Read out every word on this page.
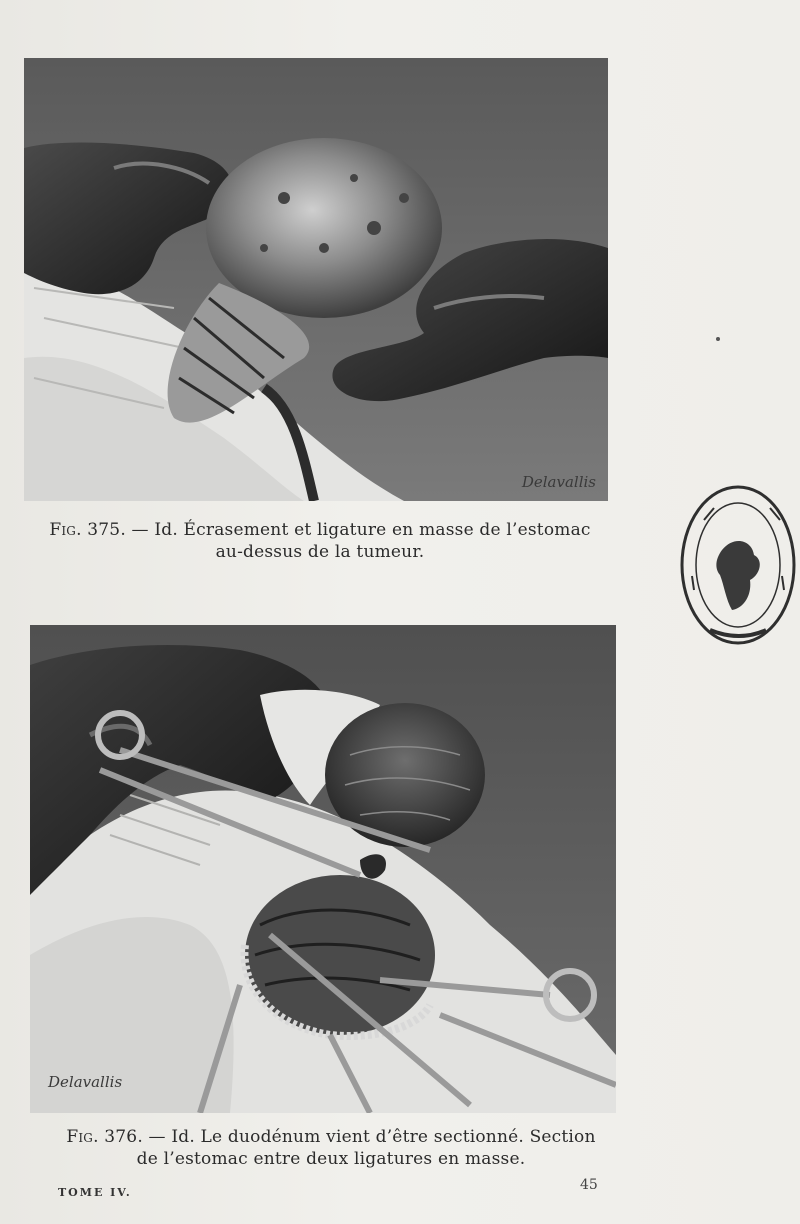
Delavallis
Fig. 375. — Id. Écrasement et ligature en masse de l’estomac
au-dessus de la tumeur.
Delavallis
Fig. 376. — Id. Le duodénum vient d’être sectionné. Section
de l’estomac entre deux ligatures en masse.
TOME IV.	45
